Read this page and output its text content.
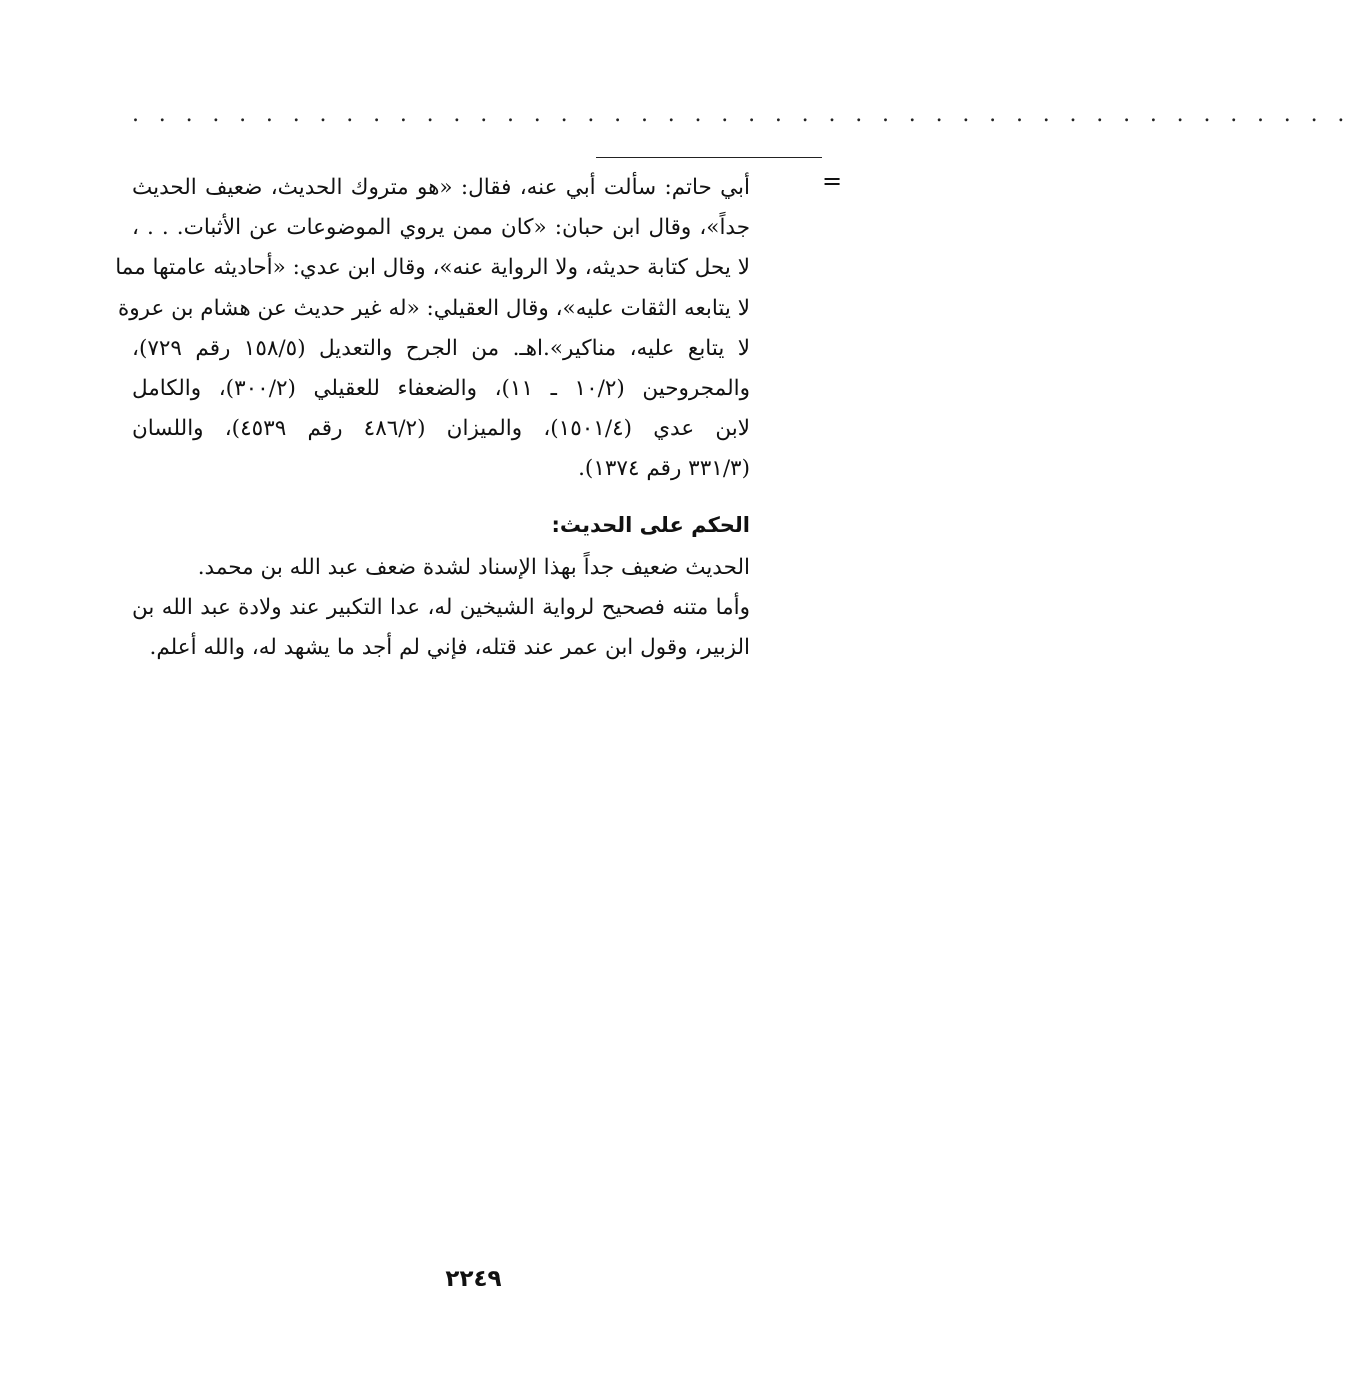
. . . . . . . . . . . . . . . . . . . . . . . . . . . . . . . . . . . . . . . . . . . . . .
=
أبي حاتم: سألت أبي عنه، فقال: «هو متروك الحديث، ضعيف الحديث
جداً»، وقال ابن حبان: «كان ممن يروي الموضوعات عن الأثبات. . . ،
لا يحل كتابة حديثه، ولا الرواية عنه»، وقال ابن عدي: «أحاديثه عامتها مما
لا يتابعه الثقات عليه»، وقال العقيلي: «له غير حديث عن هشام بن عروة
لا يتابع عليه، مناكير».اهـ. من الجرح والتعديل (١٥٨/٥ رقم ٧٢٩)،
والمجروحين (١٠/٢ ـ ١١)، والضعفاء للعقيلي (٣٠٠/٢)، والكامل
لابن عدي (١٥٠١/٤)، والميزان (٤٨٦/٢ رقم ٤٥٣٩)، واللسان
(٣٣١/٣ رقم ١٣٧٤).
الحكم على الحديث:
الحديث ضعيف جداً بهذا الإسناد لشدة ضعف عبد الله بن محمد.
وأما متنه فصحيح لرواية الشيخين له، عدا التكبير عند ولادة عبد الله بن
الزبير، وقول ابن عمر عند قتله، فإني لم أجد ما يشهد له، والله أعلم.
٢٢٤٩
